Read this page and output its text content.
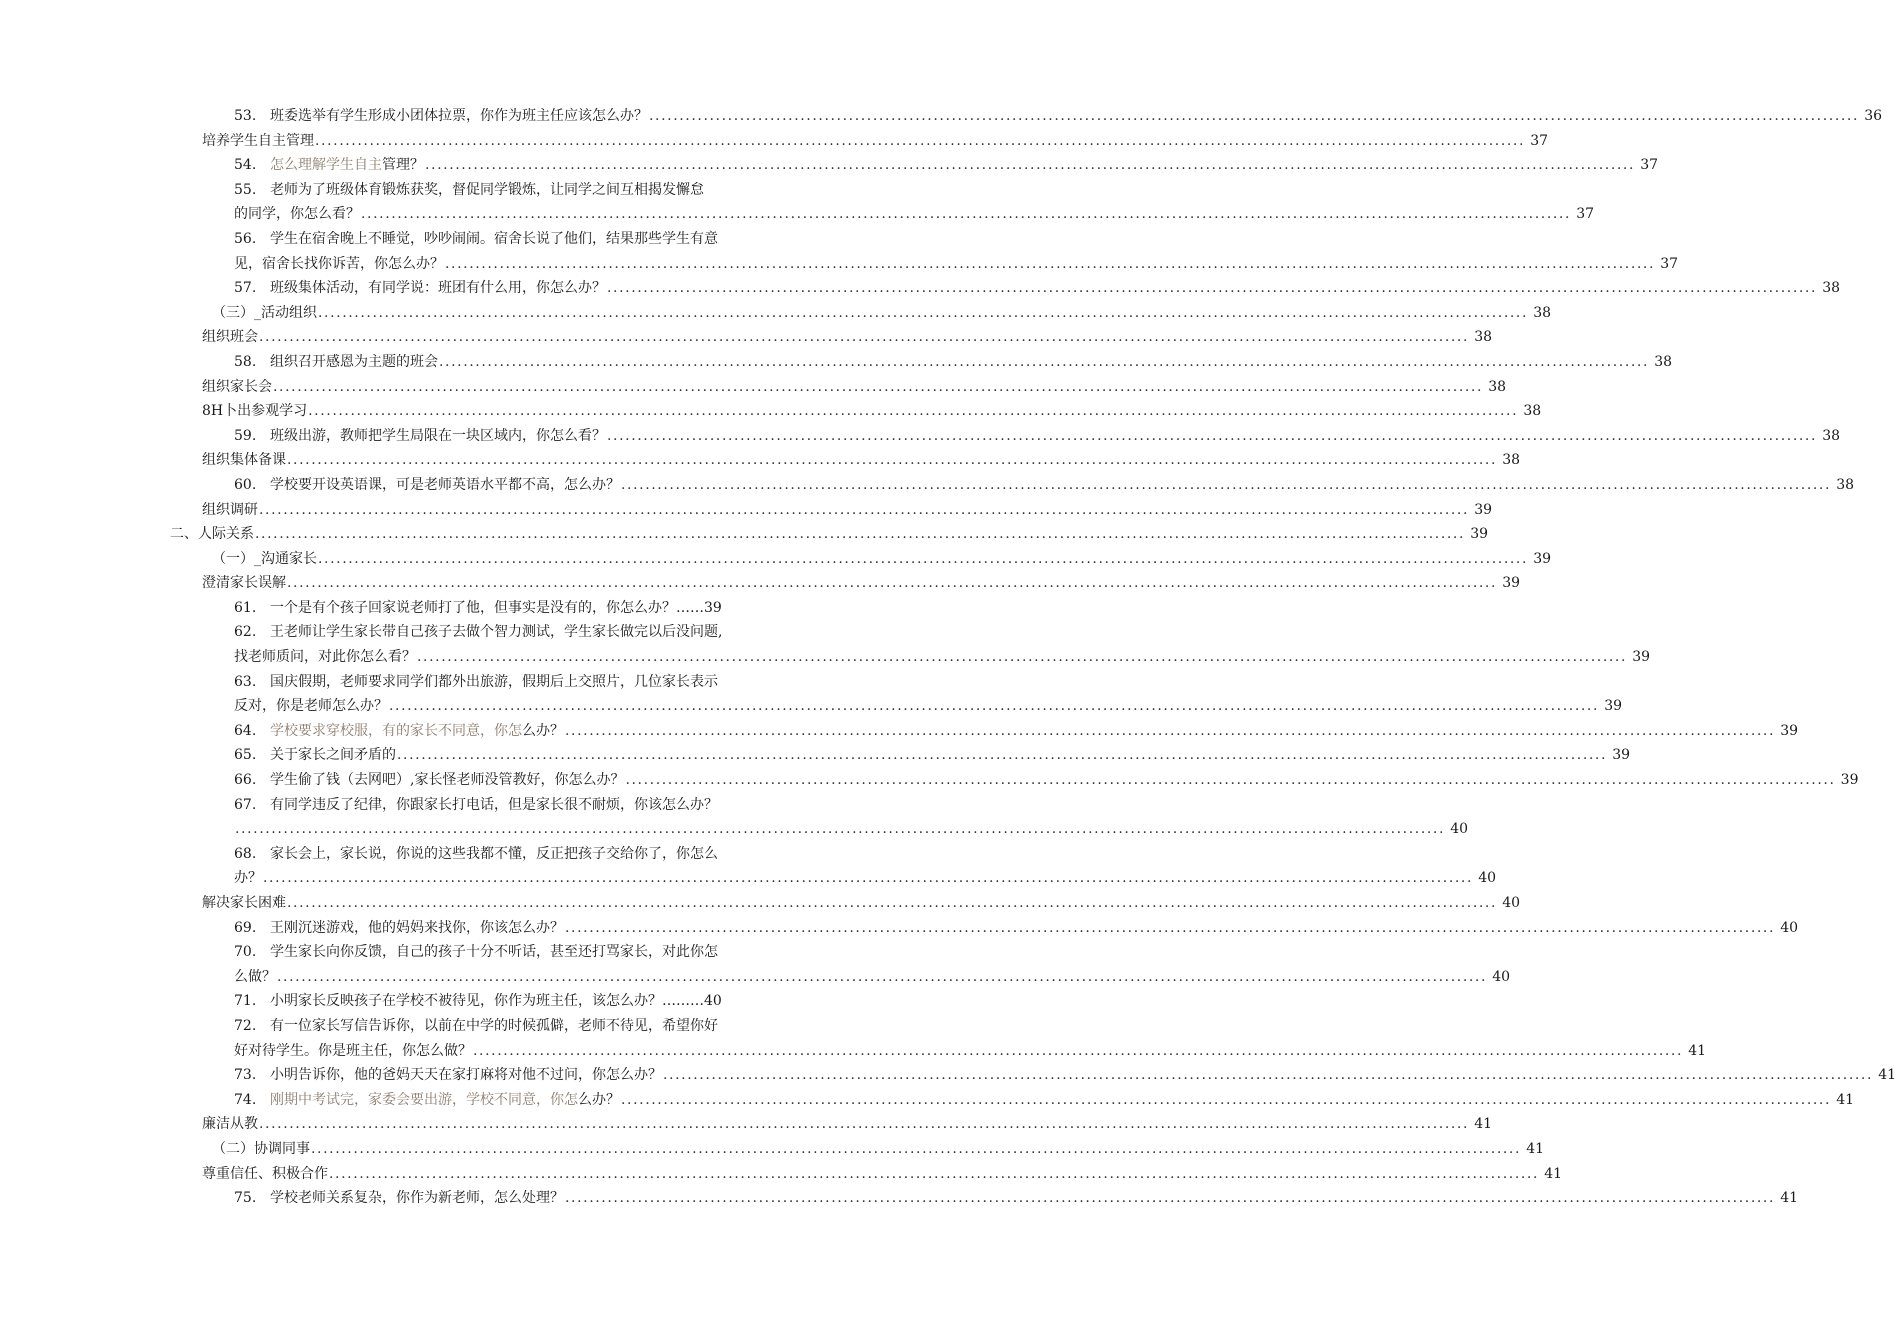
53. 班委选举有学生形成小团体拉票，你作为班主任应该怎么办？ ........................................................................................................................................................................................................ 36
培养学生自主管理 ........................................................................................................................................................................................................ 37
54. 怎么理解学生自主管理？ ........................................................................................................................................................................................................ 37
55. 老师为了班级体育锻炼获奖，督促同学锻炼，让同学之间互相揭发懈怠
的同学，你怎么看？ ........................................................................................................................................................................................................ 37
56. 学生在宿舍晚上不睡觉，吵吵闹闹。宿舍长说了他们，结果那些学生有意
见，宿舍长找你诉苦，你怎么办？ ........................................................................................................................................................................................................ 37
57. 班级集体活动，有同学说：班团有什么用，你怎么办？ ........................................................................................................................................................................................................ 38
（三）_活动组织 ........................................................................................................................................................................................................ 38
组织班会 ........................................................................................................................................................................................................ 38
58. 组织召开感恩为主题的班会 ........................................................................................................................................................................................................ 38
组织家长会 ........................................................................................................................................................................................................ 38
8H卜出参观学习 ........................................................................................................................................................................................................ 38
59. 班级出游，教师把学生局限在一块区域内，你怎么看？ ........................................................................................................................................................................................................ 38
组织集体备课 ........................................................................................................................................................................................................ 38
60. 学校要开设英语课，可是老师英语水平都不高，怎么办？ ........................................................................................................................................................................................................ 38
组织调研 ........................................................................................................................................................................................................ 39
二、人际关系 ........................................................................................................................................................................................................ 39
（一）_沟通家长 ........................................................................................................................................................................................................ 39
澄清家长误解 ........................................................................................................................................................................................................ 39
61. 一个是有个孩子回家说老师打了他，但事实是没有的，你怎么办？……39
62. 王老师让学生家长带自己孩子去做个智力测试，学生家长做完以后没问题,
找老师质问，对此你怎么看？ ........................................................................................................................................................................................................ 39
63. 国庆假期，老师要求同学们都外出旅游，假期后上交照片，几位家长表示
反对，你是老师怎么办？ ........................................................................................................................................................................................................ 39
64. 学校要求穿校服，有的家长不同意，你怎么办？ ........................................................................................................................................................................................................ 39
65. 关于家长之间矛盾的 ........................................................................................................................................................................................................ 39
66. 学生偷了钱（去网吧）,家长怪老师没管教好，你怎么办？ ........................................................................................................................................................................................................ 39
67. 有同学违反了纪律，你跟家长打电话，但是家长很不耐烦，你该怎么办？
........................................................................................................................................................................................................ 40
68. 家长会上，家长说，你说的这些我都不懂，反正把孩子交给你了，你怎么
办？ ........................................................................................................................................................................................................ 40
解决家长困难 ........................................................................................................................................................................................................ 40
69. 王刚沉迷游戏，他的妈妈来找你，你该怎么办？ ........................................................................................................................................................................................................ 40
70. 学生家长向你反馈，自己的孩子十分不听话，甚至还打骂家长，对此你怎
么做？ ........................................................................................................................................................................................................ 40
71. 小明家长反映孩子在学校不被待见，你作为班主任，该怎么办？………40
72. 有一位家长写信告诉你，以前在中学的时候孤僻，老师不待见，希望你好
好对待学生。你是班主任，你怎么做？ ........................................................................................................................................................................................................ 41
73. 小明告诉你，他的爸妈天天在家打麻将对他不过问，你怎么办？ ........................................................................................................................................................................................................ 41
74. 刚期中考试完，家委会要出游，学校不同意，你怎么办？ ........................................................................................................................................................................................................ 41
廉洁从教 ........................................................................................................................................................................................................ 41
（二）协调同事 ........................................................................................................................................................................................................ 41
尊重信任、积极合作 ........................................................................................................................................................................................................ 41
75. 学校老师关系复杂，你作为新老师，怎么处理？ ........................................................................................................................................................................................................ 41
